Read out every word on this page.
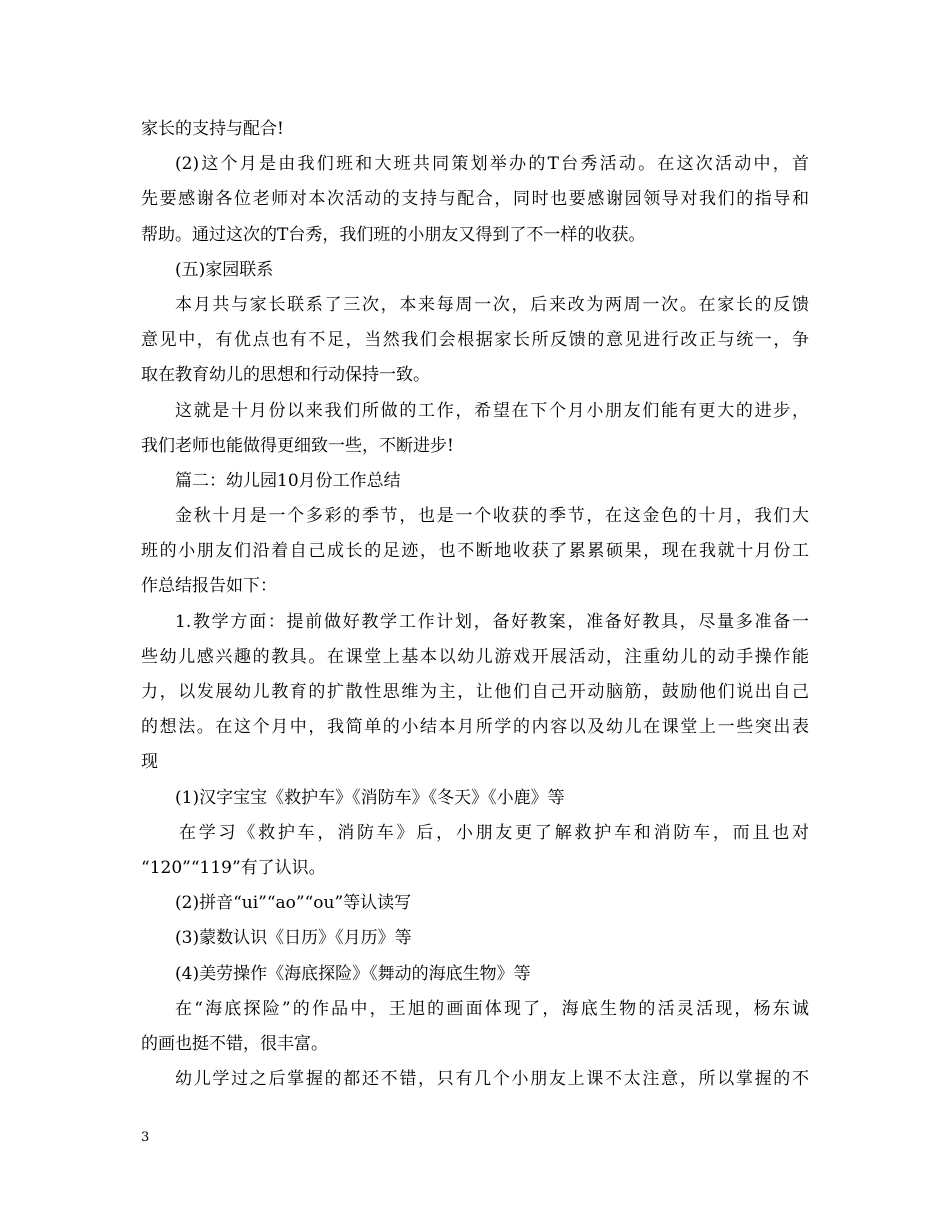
家长的支持与配合!
(2)这个月是由我们班和大班共同策划举办的T台秀活动。在这次活动中，首
先要感谢各位老师对本次活动的支持与配合，同时也要感谢园领导对我们的指导和
帮助。通过这次的T台秀，我们班的小朋友又得到了不一样的收获。
(五)家园联系
本月共与家长联系了三次，本来每周一次，后来改为两周一次。在家长的反馈
意见中，有优点也有不足，当然我们会根据家长所反馈的意见进行改正与统一，争
取在教育幼儿的思想和行动保持一致。
这就是十月份以来我们所做的工作，希望在下个月小朋友们能有更大的进步，
我们老师也能做得更细致一些，不断进步!
篇二：幼儿园10月份工作总结
金秋十月是一个多彩的季节，也是一个收获的季节，在这金色的十月，我们大
班的小朋友们沿着自己成长的足迹，也不断地收获了累累硕果，现在我就十月份工
作总结报告如下：
1.教学方面：提前做好教学工作计划，备好教案，准备好教具，尽量多准备一
些幼儿感兴趣的教具。在课堂上基本以幼儿游戏开展活动，注重幼儿的动手操作能
力，以发展幼儿教育的扩散性思维为主，让他们自己开动脑筋，鼓励他们说出自己
的想法。在这个月中，我简单的小结本月所学的内容以及幼儿在课堂上一些突出表
现
(1)汉字宝宝《救护车》《消防车》《冬天》《小鹿》等
在学习《救护车，消防车》后，小朋友更了解救护车和消防车，而且也对
“120”“119”有了认识。
(2)拼音“ui”“ao”“ou”等认读写
(3)蒙数认识《日历》《月历》等
(4)美劳操作《海底探险》《舞动的海底生物》等
在“海底探险”的作品中，王旭的画面体现了，海底生物的活灵活现，杨东诚
的画也挺不错，很丰富。
幼儿学过之后掌握的都还不错，只有几个小朋友上课不太注意，所以掌握的不
3
